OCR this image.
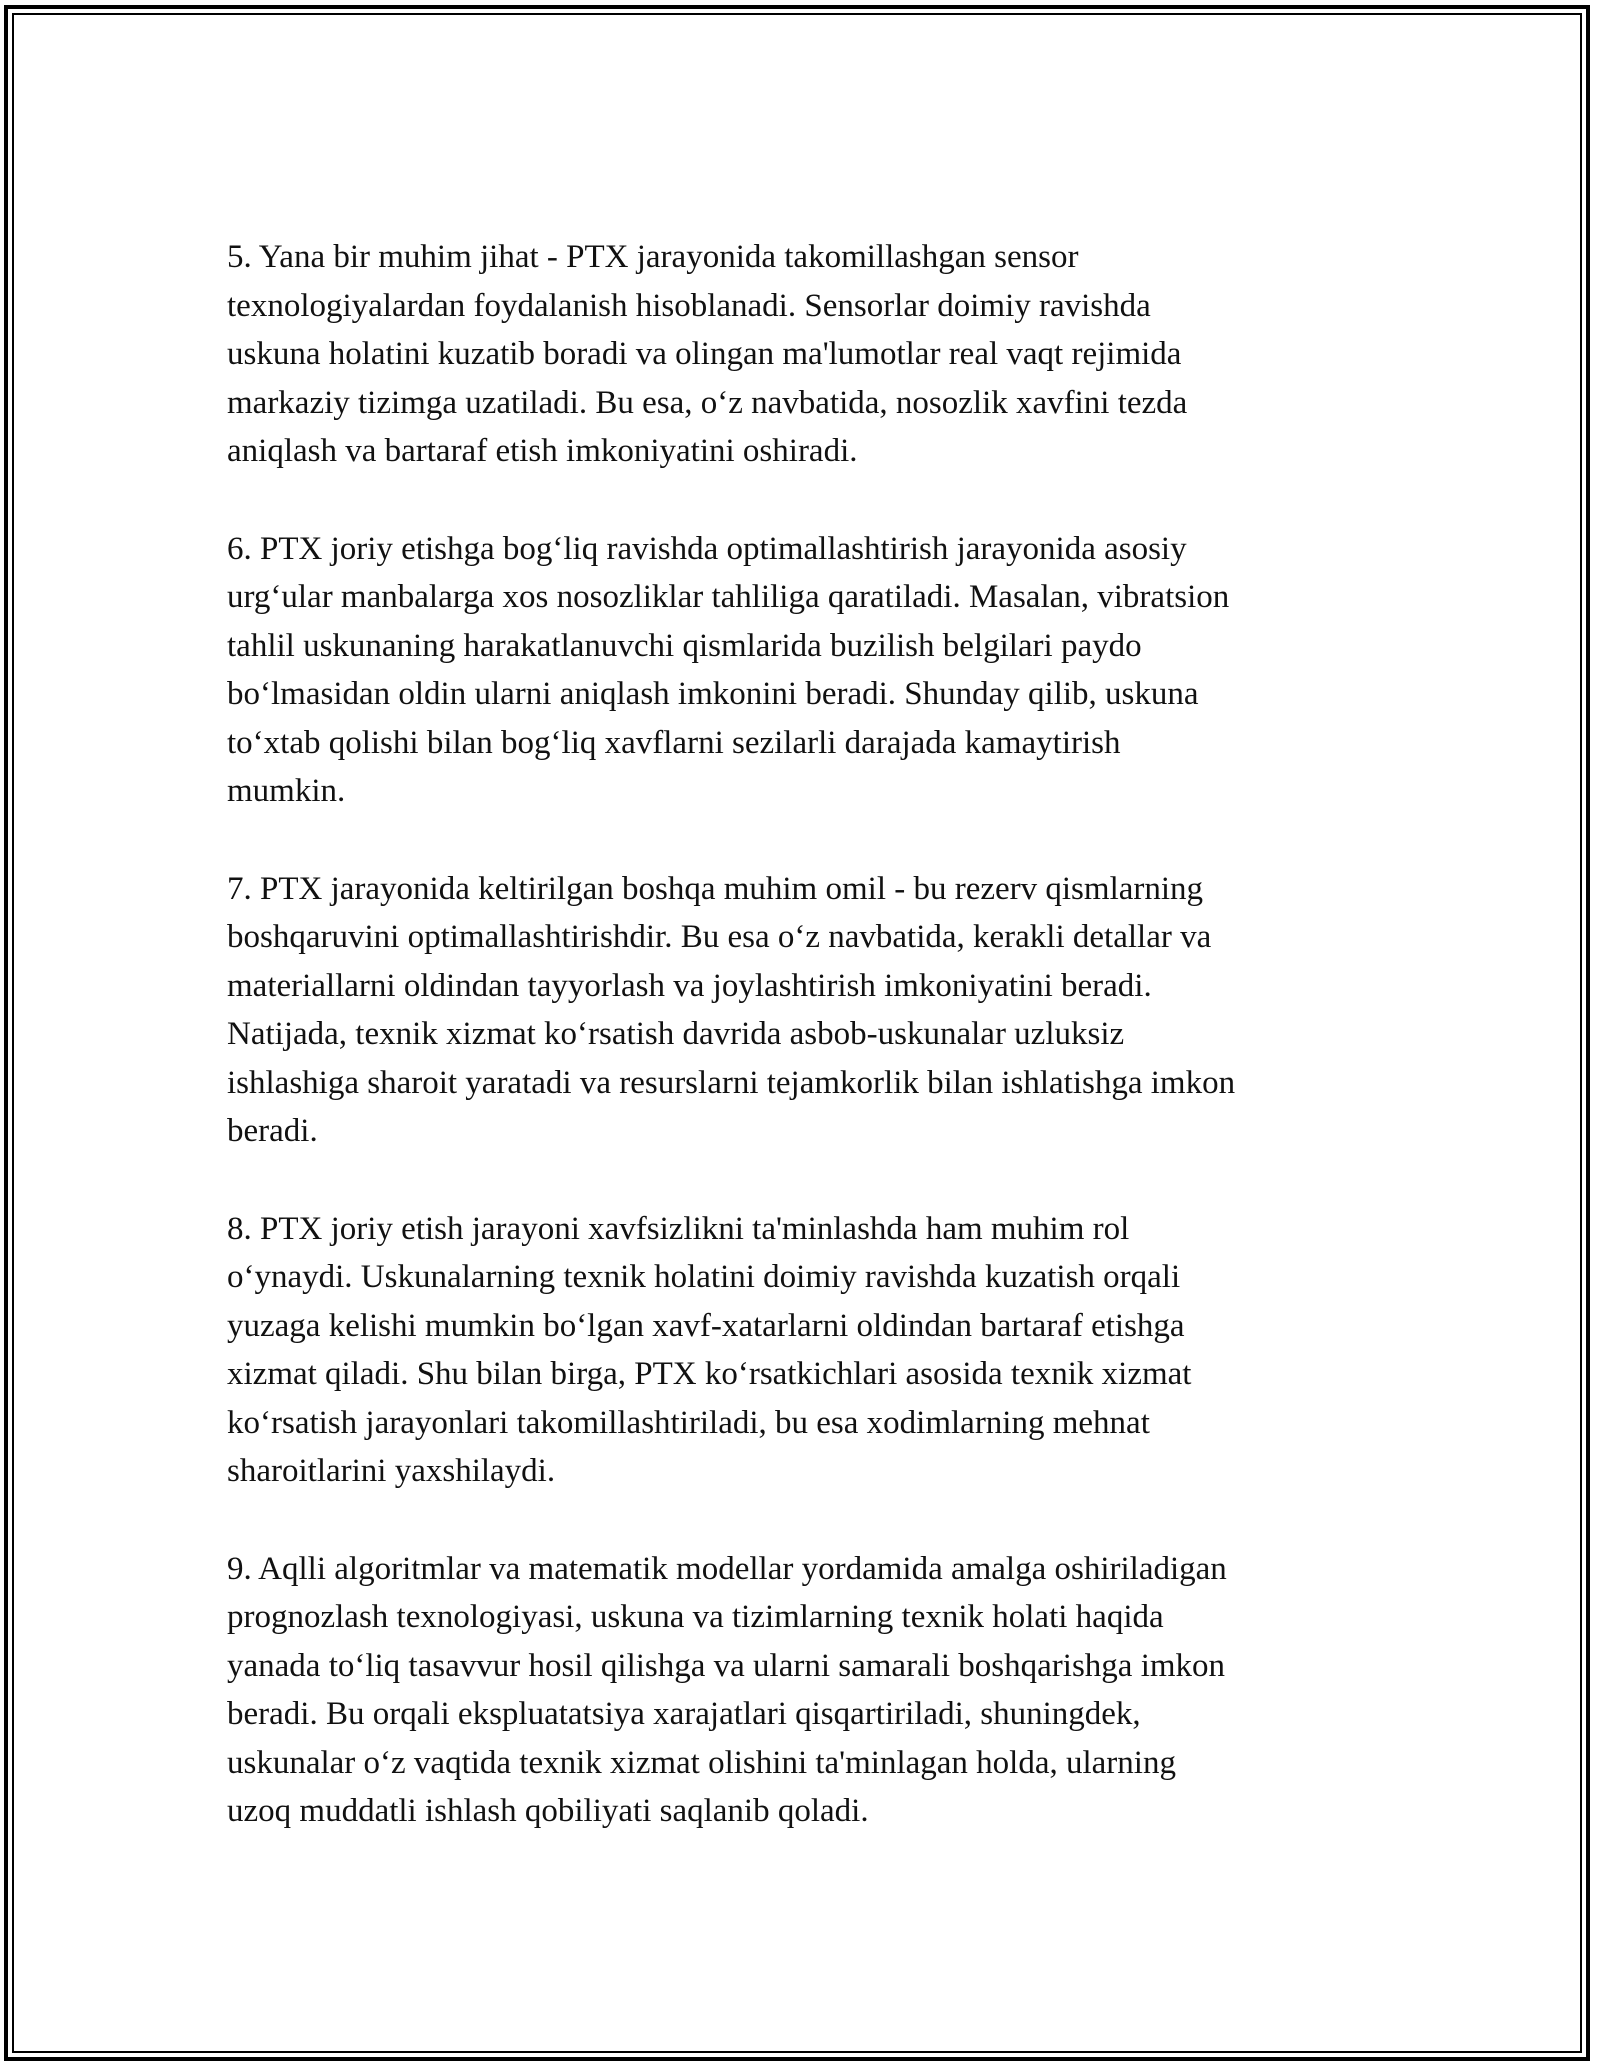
5. Yana bir muhim jihat - PTX jarayonida takomillashgan sensor
texnologiyalardan foydalanish hisoblanadi. Sensorlar doimiy ravishda
uskuna holatini kuzatib boradi va olingan ma'lumotlar real vaqt rejimida
markaziy tizimga uzatiladi. Bu esa, o‘z navbatida, nosozlik xavfini tezda
aniqlash va bartaraf etish imkoniyatini oshiradi.

6. PTX joriy etishga bog‘liq ravishda optimallashtirish jarayonida asosiy
urg‘ular manbalarga xos nosozliklar tahliliga qaratiladi. Masalan, vibratsion
tahlil uskunaning harakatlanuvchi qismlarida buzilish belgilari paydo
bo‘lmasidan oldin ularni aniqlash imkonini beradi. Shunday qilib, uskuna
to‘xtab qolishi bilan bog‘liq xavflarni sezilarli darajada kamaytirish
mumkin.

7. PTX jarayonida keltirilgan boshqa muhim omil - bu rezerv qismlarning
boshqaruvini optimallashtirishdir. Bu esa o‘z navbatida, kerakli detallar va
materiallarni oldindan tayyorlash va joylashtirish imkoniyatini beradi.
Natijada, texnik xizmat ko‘rsatish davrida asbob-uskunalar uzluksiz
ishlashiga sharoit yaratadi va resurslarni tejamkorlik bilan ishlatishga imkon
beradi.

8. PTX joriy etish jarayoni xavfsizlikni ta'minlashda ham muhim rol
o‘ynaydi. Uskunalarning texnik holatini doimiy ravishda kuzatish orqali
yuzaga kelishi mumkin bo‘lgan xavf-xatarlarni oldindan bartaraf etishga
xizmat qiladi. Shu bilan birga, PTX ko‘rsatkichlari asosida texnik xizmat
ko‘rsatish jarayonlari takomillashtiriladi, bu esa xodimlarning mehnat
sharoitlarini yaxshilaydi.

9. Aqlli algoritmlar va matematik modellar yordamida amalga oshiriladigan
prognozlash texnologiyasi, uskuna va tizimlarning texnik holati haqida
yanada to‘liq tasavvur hosil qilishga va ularni samarali boshqarishga imkon
beradi. Bu orqali ekspluatatsiya xarajatlari qisqartiriladi, shuningdek,
uskunalar o‘z vaqtida texnik xizmat olishini ta'minlagan holda, ularning
uzoq muddatli ishlash qobiliyati saqlanib qoladi.
